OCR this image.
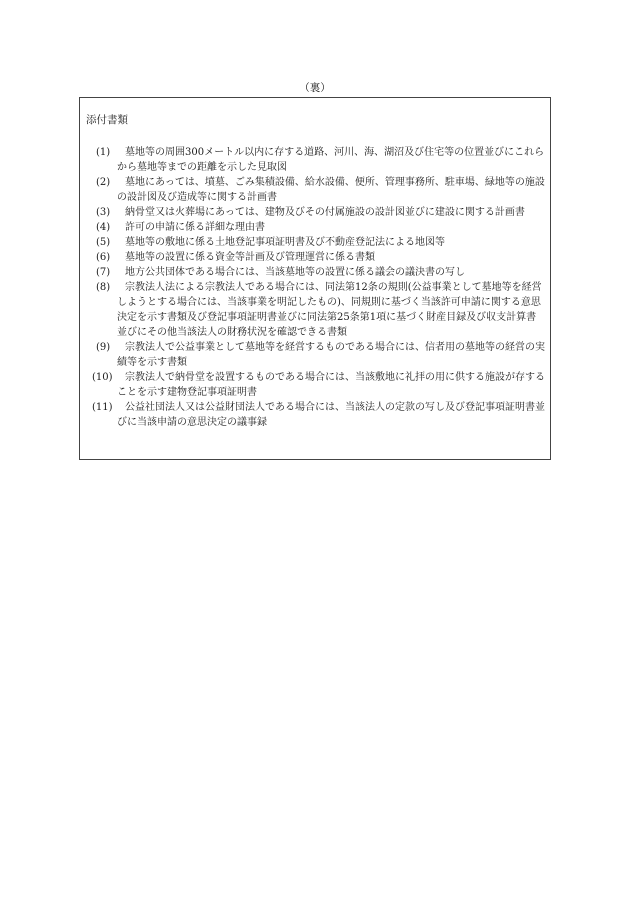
（裏）
添付書類
(1)	墓地等の周囲300メートル以内に存する道路、河川、海、湖沼及び住宅等の位置並びにこれらから墓地等までの距離を示した見取図
(2)	墓地にあっては、墳墓、ごみ集積設備、給水設備、便所、管理事務所、駐車場、緑地等の施設の設計図及び造成等に関する計画書
(3)	納骨堂又は火葬場にあっては、建物及びその付属施設の設計図並びに建設に関する計画書
(4)	許可の申請に係る詳細な理由書
(5)	墓地等の敷地に係る土地登記事項証明書及び不動産登記法による地図等
(6)	墓地等の設置に係る資金等計画及び管理運営に係る書類
(7)	地方公共団体である場合には、当該墓地等の設置に係る議会の議決書の写し
(8)	宗教法人法による宗教法人である場合には、同法第12条の規則(公益事業として墓地等を経営しようとする場合には、当該事業を明記したもの)、同規則に基づく当該許可申請に関する意思決定を示す書類及び登記事項証明書並びに同法第25条第1項に基づく財産目録及び収支計算書並びにその他当該法人の財務状況を確認できる書類
(9)	宗教法人で公益事業として墓地等を経営するものである場合には、信者用の墓地等の経営の実績等を示す書類
(10)	宗教法人で納骨堂を設置するものである場合には、当該敷地に礼拝の用に供する施設が存することを示す建物登記事項証明書
(11)	公益社団法人又は公益財団法人である場合には、当該法人の定款の写し及び登記事項証明書並びに当該申請の意思決定の議事録
